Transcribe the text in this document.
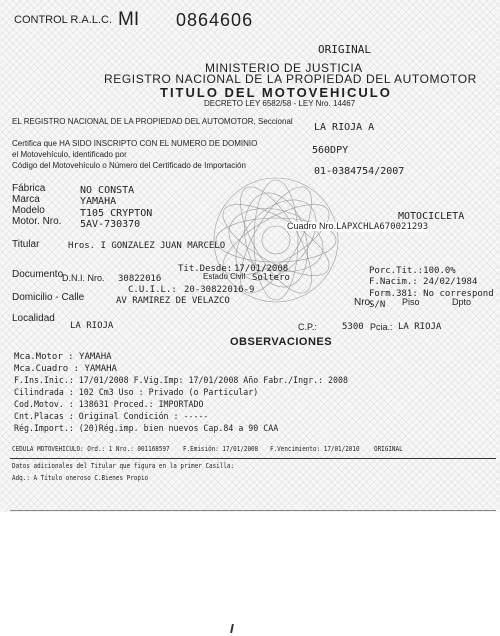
CONTROL R.A.L.C. MI 0864606
ORIGINAL
MINISTERIO DE JUSTICIA
REGISTRO NACIONAL DE LA PROPIEDAD DEL AUTOMOTOR
TITULO DEL MOTOVEHICULO
DECRETO LEY 6582/58 - LEY Nro. 14467
EL REGISTRO NACIONAL DE LA PROPIEDAD DEL AUTOMOTOR, Seccional
LA RIOJA A
Certifica que HA SIDO INSCRIPTO CON EL NUMERO DE DOMINIO
el Motovehículo, identificado por	560DPY
Código del Motovehículo o Número del Certificado de Importación
01-0384754/2007
Fábrica	NO CONSTA
Marca	YAMAHA
Modelo	T105 CRYPTON
Motor. Nro. 5AV-730370
MOTOCICLETA
Cuadro Nro. LAPXCHLA670021293
Titular	Hros. I GONZALEZ JUAN MARCELO
Tit.Desde: 17/01/2008
Estado Civil Soltero
Porc.Tit.:100.0%
F.Nacim.: 24/02/1984
Documento
D.N.I. Nro. 30822016
C.U.I.L.: 20-30822016-9	Form.381: No correspond
Domicilio - Calle	AV RAMIREZ DE VELAZCO	Nro.
S/N Piso	Dpto
Localidad
LA RIOJA	C.P.:	5300 Pcia.: LA RIOJA
OBSERVACIONES
Mca.Motor : YAMAHA
Mca.Cuadro : YAMAHA
F.Ins.Inic.: 17/01/2008 F.Vig.Imp: 17/01/2008 Año Fabr./Ingr.: 2008
Cilindrada : 102 Cm3 Uso : Privado (o Particular)
Cod.Motov. : 138631 Proced.: IMPORTADO
Cnt.Placas : Original Condición : -----
Rég.Import.: (20)Rég.imp. bien nuevos Cap.84 a 90 CAA
CEDULA MOTOVEHICULO: Ord.: 1 Nro.: 001168597 F.Emisión: 17/01/2008 F.Vencimiento: 17/01/2010 ORIGINAL
Datos adicionales del Titular que figura en la primer Casilla:
Adq.: A Título oneroso C.Bienes Propio
